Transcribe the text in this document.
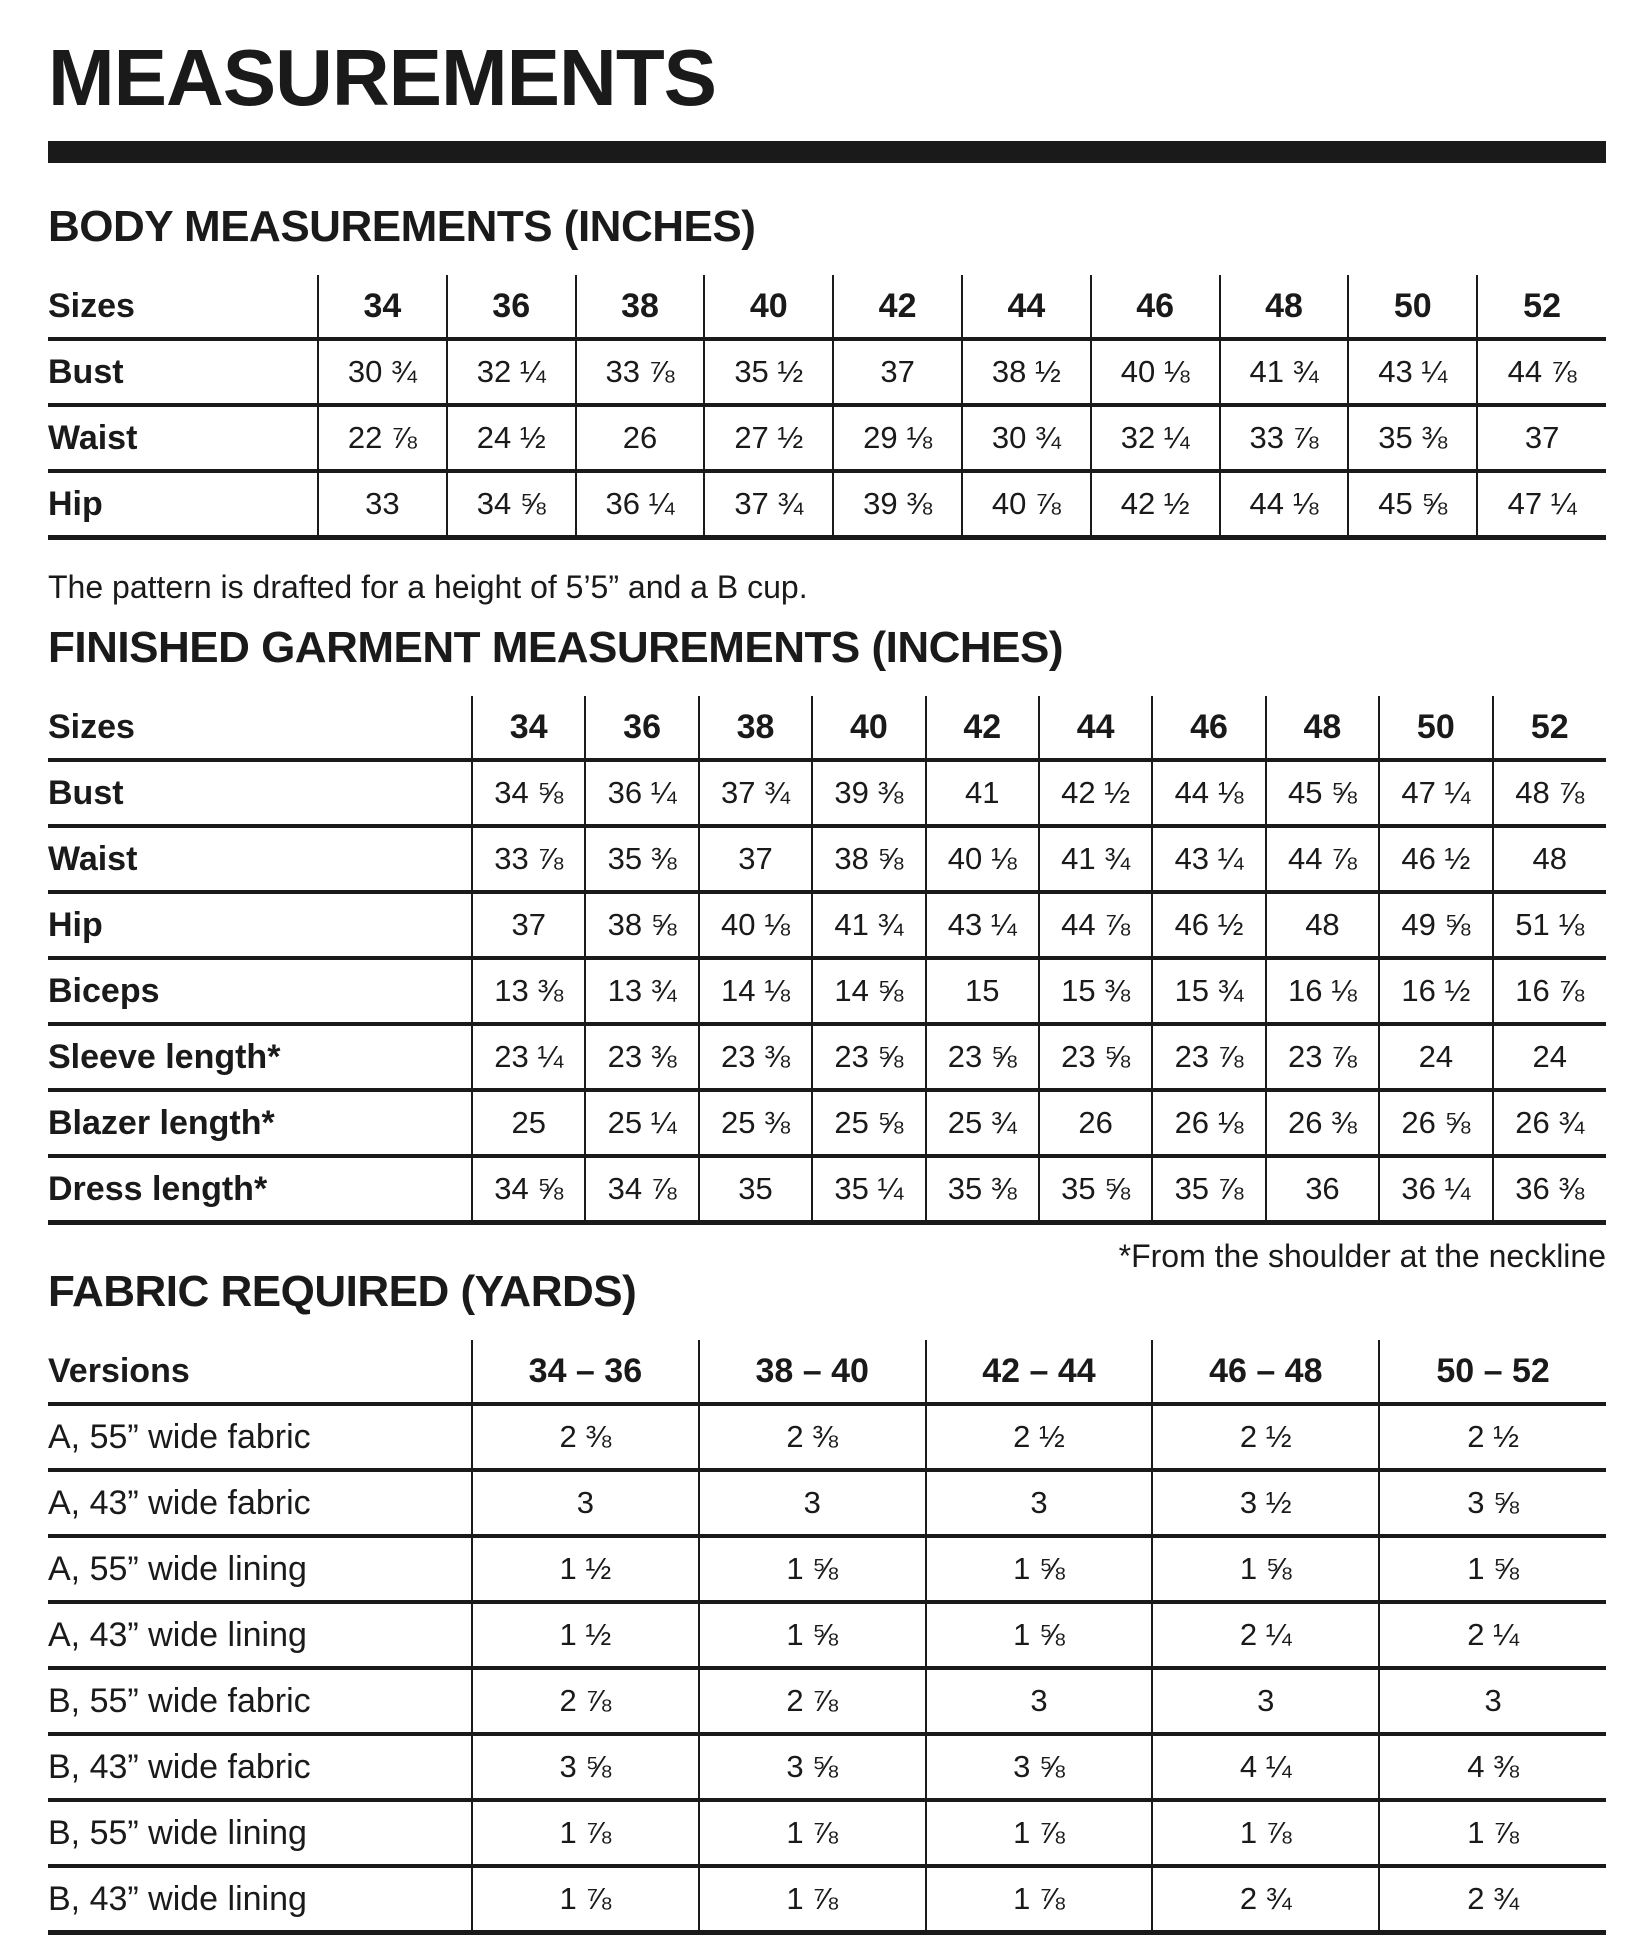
MEASUREMENTS
BODY MEASUREMENTS (INCHES)
Sizes	34	36	38	40	42	44	46	48	50	52
Bust	30 ¾	32 ¼	33 ⅞	35 ½	37	38 ½	40 ⅛	41 ¾	43 ¼	44 ⅞
Waist	22 ⅞	24 ½	26	27 ½	29 ⅛	30 ¾	32 ¼	33 ⅞	35 ⅜	37
Hip	33	34 ⅝	36 ¼	37 ¾	39 ⅜	40 ⅞	42 ½	44 ⅛	45 ⅝	47 ¼

The pattern is drafted for a height of 5’5” and a B cup.

FINISHED GARMENT MEASUREMENTS (INCHES)
Sizes	34	36	38	40	42	44	46	48	50	52
Bust	34 ⅝	36 ¼	37 ¾	39 ⅜	41	42 ½	44 ⅛	45 ⅝	47 ¼	48 ⅞
Waist	33 ⅞	35 ⅜	37	38 ⅝	40 ⅛	41 ¾	43 ¼	44 ⅞	46 ½	48
Hip	37	38 ⅝	40 ⅛	41 ¾	43 ¼	44 ⅞	46 ½	48	49 ⅝	51 ⅛
Biceps	13 ⅜	13 ¾	14 ⅛	14 ⅝	15	15 ⅜	15 ¾	16 ⅛	16 ½	16 ⅞
Sleeve length*	23 ¼	23 ⅜	23 ⅜	23 ⅝	23 ⅝	23 ⅝	23 ⅞	23 ⅞	24	24
Blazer length*	25	25 ¼	25 ⅜	25 ⅝	25 ¾	26	26 ⅛	26 ⅜	26 ⅝	26 ¾
Dress length*	34 ⅝	34 ⅞	35	35 ¼	35 ⅜	35 ⅝	35 ⅞	36	36 ¼	36 ⅜

*From the shoulder at the neckline

FABRIC REQUIRED (YARDS)
Versions	34 – 36	38 – 40	42 – 44	46 – 48	50 – 52
A, 55” wide fabric	2 ⅜	2 ⅜	2 ½	2 ½	2 ½
A, 43” wide fabric	3	3	3	3 ½	3 ⅝
A, 55” wide lining	1 ½	1 ⅝	1 ⅝	1 ⅝	1 ⅝
A, 43” wide lining	1 ½	1 ⅝	1 ⅝	2 ¼	2 ¼
B, 55” wide fabric	2 ⅞	2 ⅞	3	3	3
B, 43” wide fabric	3 ⅝	3 ⅝	3 ⅝	4 ¼	4 ⅜
B, 55” wide lining	1 ⅞	1 ⅞	1 ⅞	1 ⅞	1 ⅞
B, 43” wide lining	1 ⅞	1 ⅞	1 ⅞	2 ¾	2 ¾
